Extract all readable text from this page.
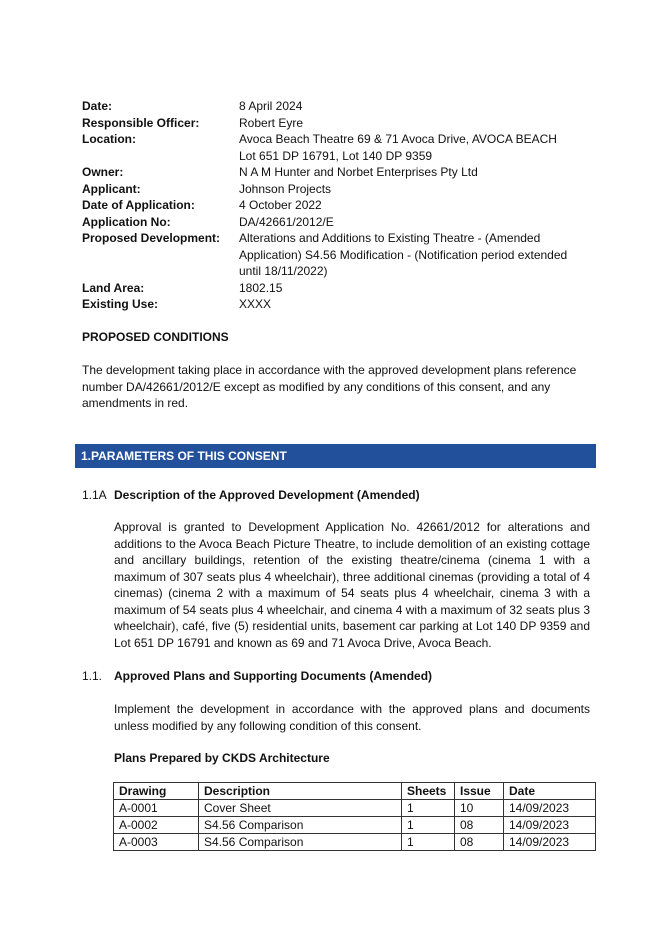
Date:	8 April 2024
Responsible Officer:	Robert Eyre
Location:	Avoca Beach Theatre 69 & 71 Avoca Drive, AVOCA BEACH
Lot 651 DP 16791, Lot 140 DP 9359
Owner:	N A M Hunter and Norbet Enterprises Pty Ltd
Applicant:	Johnson Projects
Date of Application:	4 October 2022
Application No:	DA/42661/2012/E
Proposed Development:	Alterations and Additions to Existing Theatre - (Amended
Application) S4.56 Modification - (Notification period extended
until 18/11/2022)
Land Area:	1802.15
Existing Use:	XXXX
PROPOSED CONDITIONS
The development taking place in accordance with the approved development plans reference number DA/42661/2012/E except as modified by any conditions of this consent, and any amendments in red.
1.PARAMETERS OF THIS CONSENT
1.1A Description of the Approved Development (Amended)
Approval is granted to Development Application No. 42661/2012 for alterations and additions to the Avoca Beach Picture Theatre, to include demolition of an existing cottage and ancillary buildings, retention of the existing theatre/cinema (cinema 1 with a maximum of 307 seats plus 4 wheelchair), three additional cinemas (providing a total of 4 cinemas) (cinema 2 with a maximum of 54 seats plus 4 wheelchair, cinema 3 with a maximum of 54 seats plus 4 wheelchair, and cinema 4 with a maximum of 32 seats plus 3 wheelchair), café, five (5) residential units, basement car parking at Lot 140 DP 9359 and Lot 651 DP 16791 and known as 69 and 71 Avoca Drive, Avoca Beach.
1.1. Approved Plans and Supporting Documents (Amended)
Implement the development in accordance with the approved plans and documents unless modified by any following condition of this consent.
Plans Prepared by CKDS Architecture
Drawing	Description	Sheets	Issue	Date
A-0001	Cover Sheet	1	10	14/09/2023
A-0002	S4.56 Comparison	1	08	14/09/2023
A-0003	S4.56 Comparison	1	08	14/09/2023
